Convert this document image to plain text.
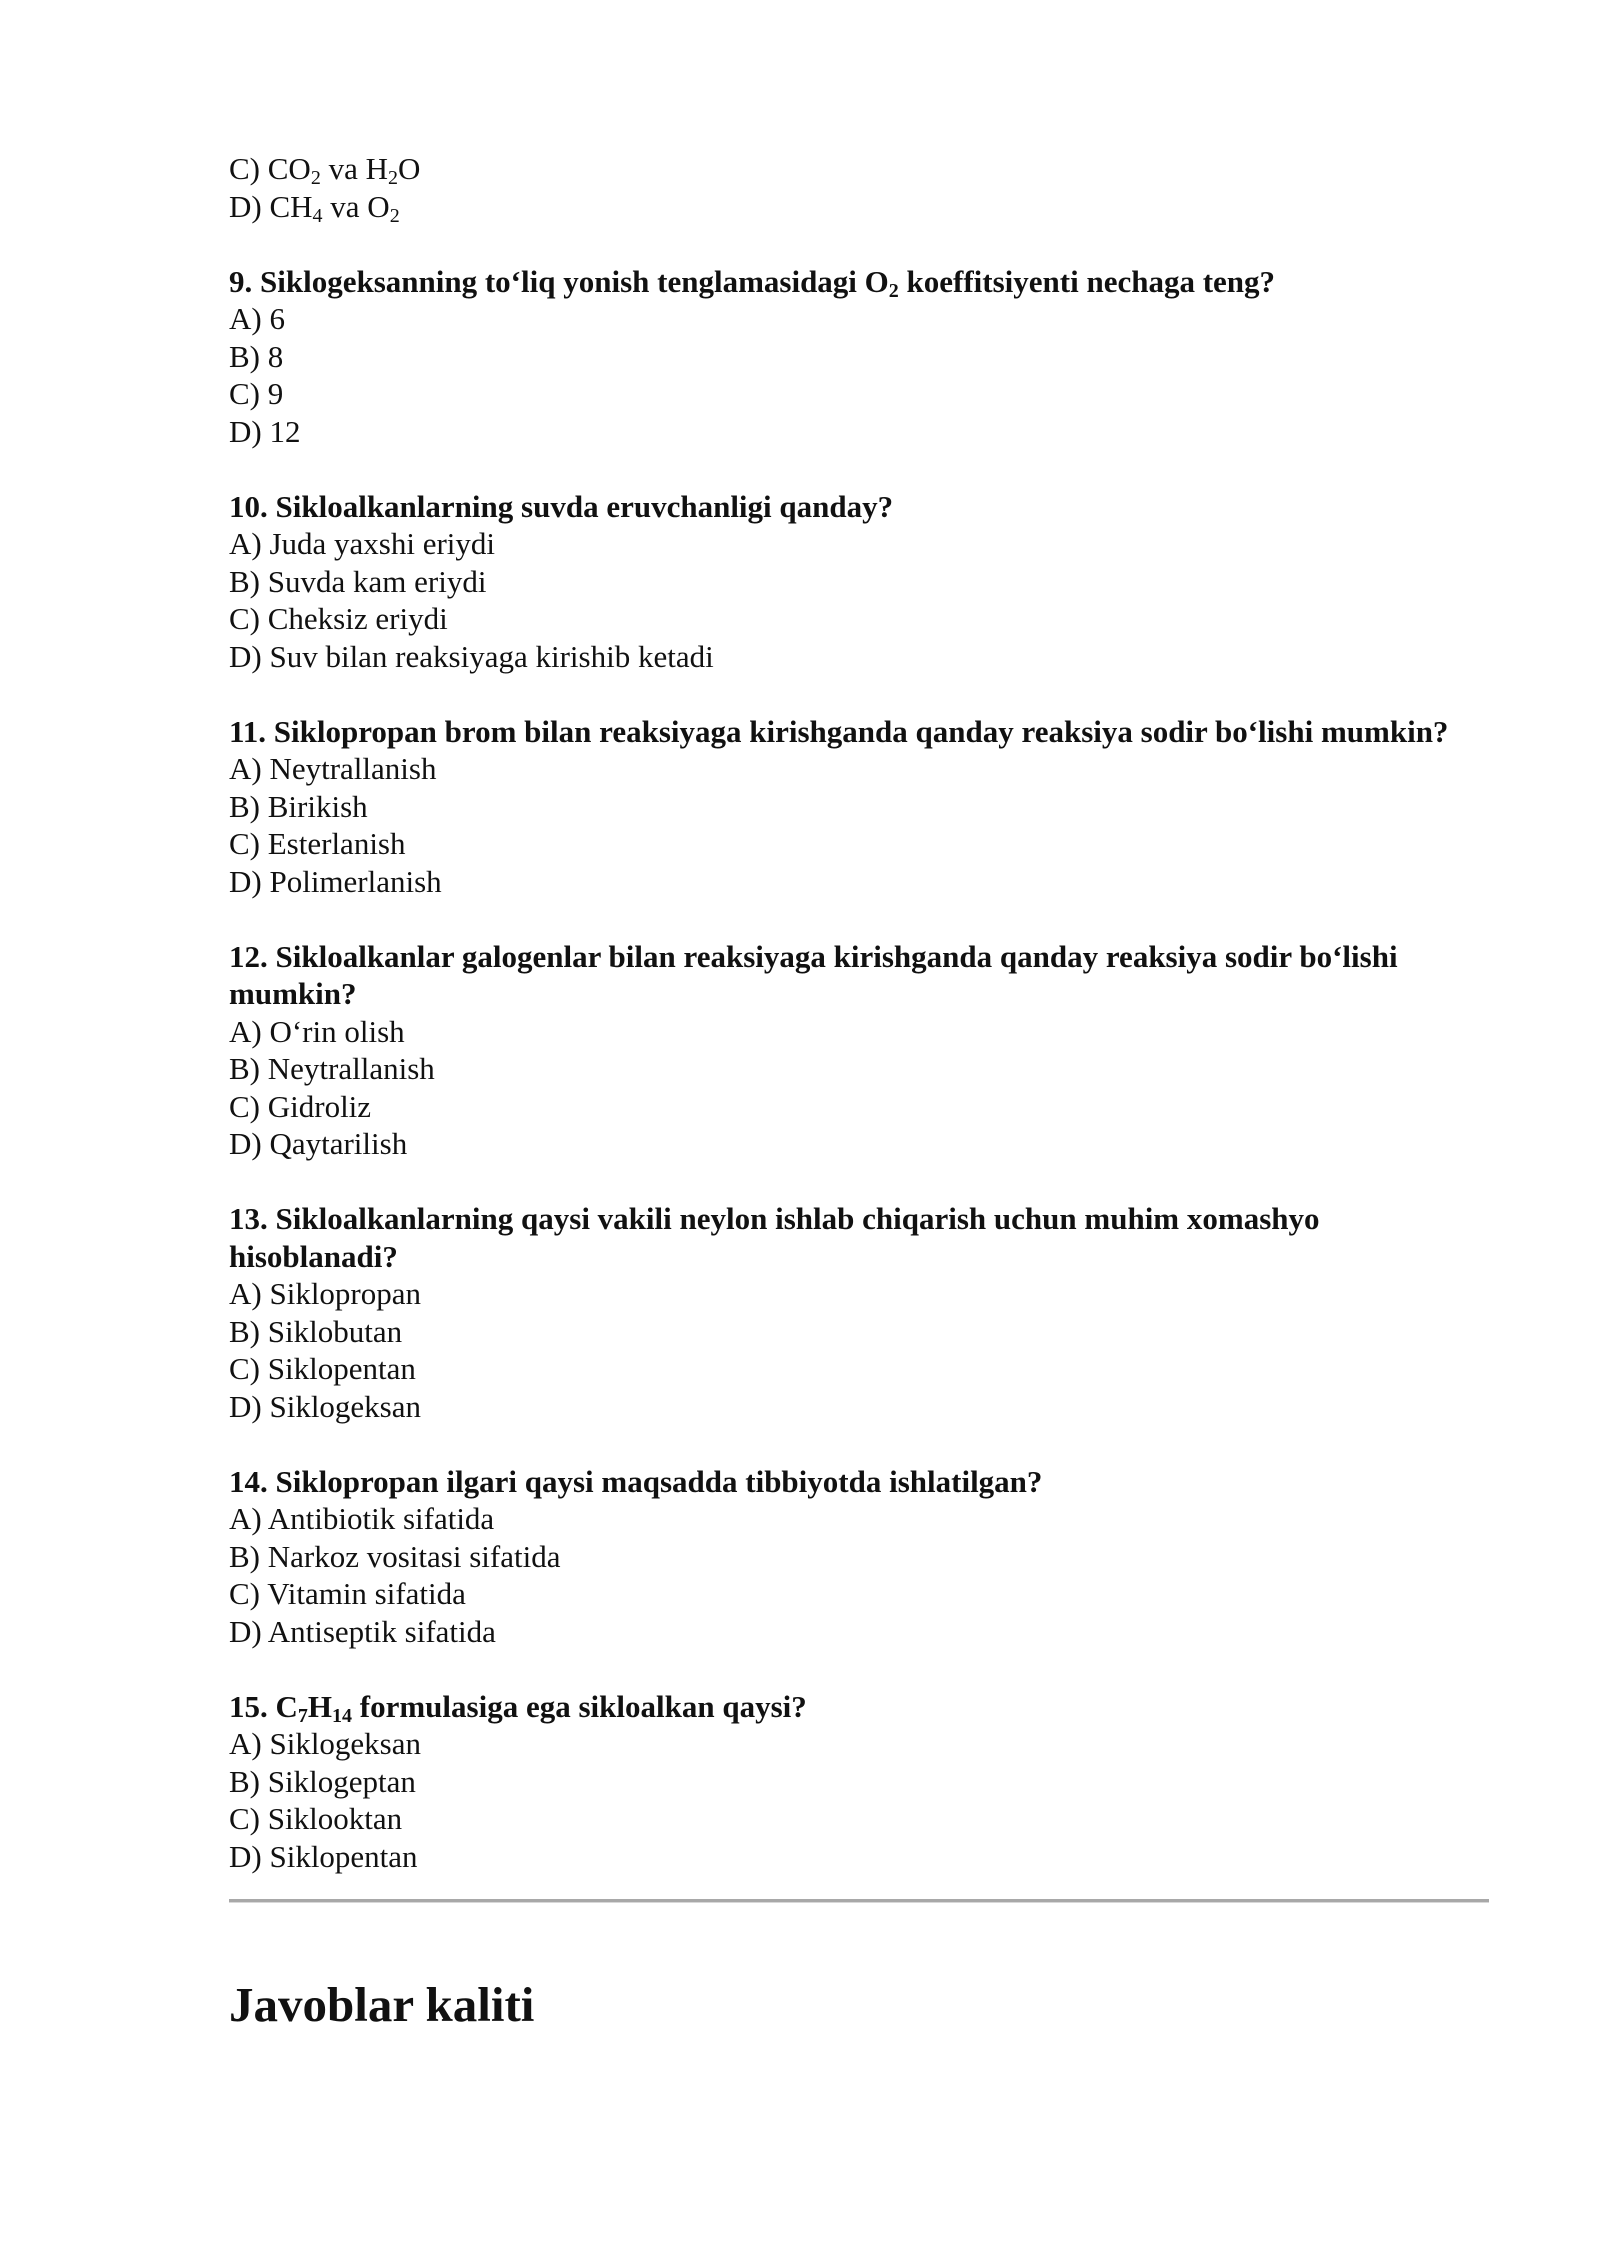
C) $CO_2$ va $H_2O$

D) $CH_4$ va $O_2$

9. Siklogeksanning to‘liq yonish tenglamasidagi $O_2$ koeffitsiyenti nechaga teng?

A) 6

B) 8

C) 9

D) 12

10. Sikloalkanlarning suvda eruvchanligi qanday?

A) Juda yaxshi eriydi

B) Suvda kam eriydi

C) Cheksiz eriydi

D) Suv bilan reaksiyaga kirishib ketadi

11. Siklopropan brom bilan reaksiyaga kirishganda qanday reaksiya sodir bo‘lishi mumkin?

A) Neytrallanish

B) Birikish

C) Esterlanish

D) Polimerlanish

12. Sikloalkanlar galogenlar bilan reaksiyaga kirishganda qanday reaksiya sodir bo‘lishi mumkin?

A) O‘rin olish

B) Neytrallanish

C) Gidroliz

D) Qaytarilish

13. Sikloalkanlarning qaysi vakili neylon ishlab chiqarish uchun muhim xomashyo hisoblanadi?

A) Siklopropan

B) Siklobutan

C) Siklopentan

D) Siklogeksan

14. Siklopropan ilgari qaysi maqsadda tibbiyotda ishlatilgan?

A) Antibiotik sifatida

B) Narkoz vositasi sifatida

C) Vitamin sifatida

D) Antiseptik sifatida

15. $C_7H_{14}$ formulasiga ega sikloalkan qaysi?

A) Siklogeksan

B) Siklogeptan

C) Siklooktan

D) Siklopentan

Javoblar kaliti
